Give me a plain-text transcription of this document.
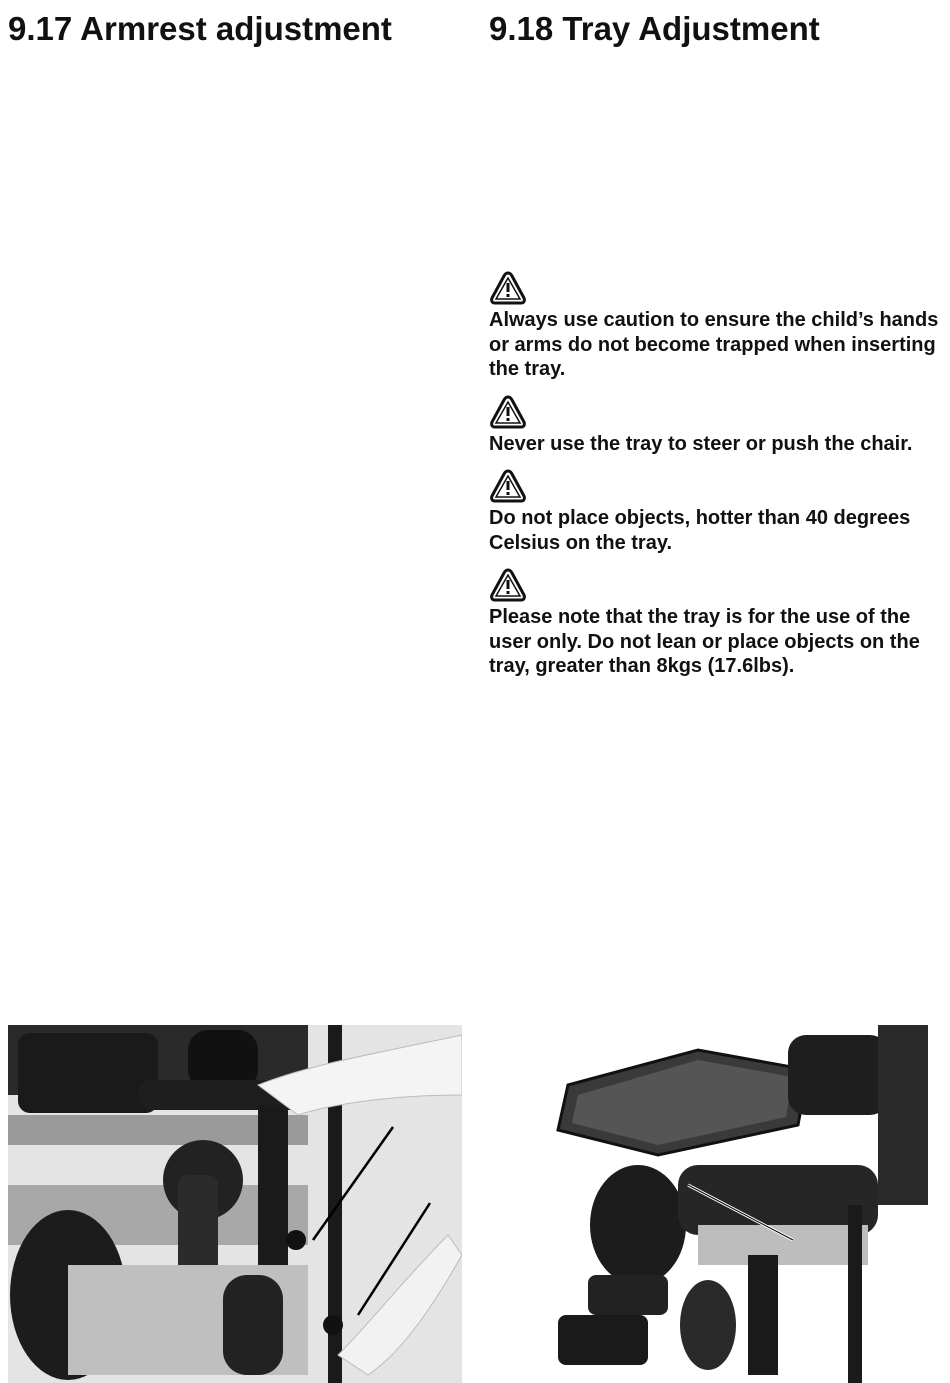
9.17 Armrest adjustment	9.18 Tray Adjustment

Always use caution to ensure the child’s hands or arms do not become trapped when inserting the tray.

Never use the tray to steer or push the chair.

Do not place objects, hotter than 40 degrees Celsius on the tray.

Please note that the tray is for the use of the user only. Do not lean or place objects on the tray, greater than 8kgs (17.6lbs).
